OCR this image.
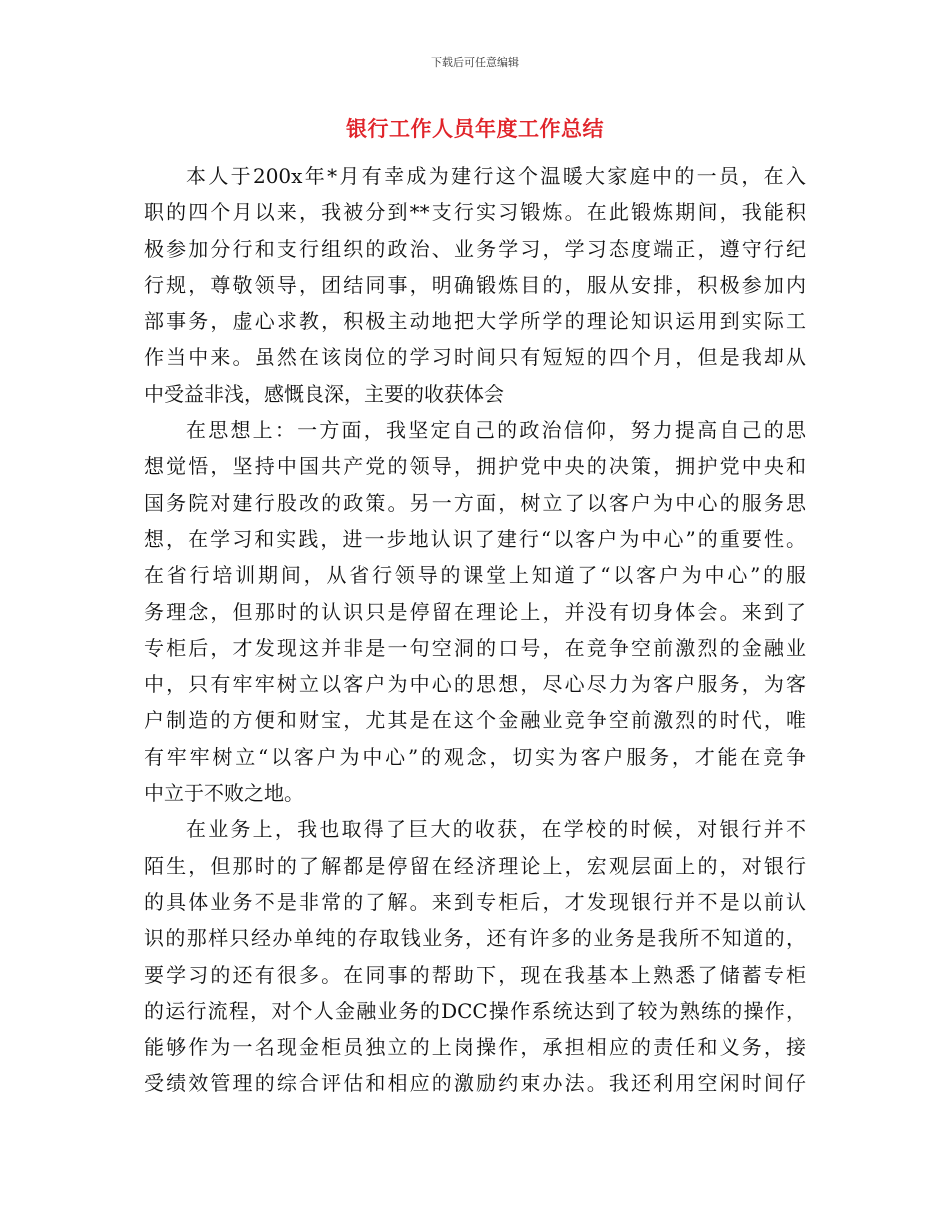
下载后可任意编辑
银行工作人员年度工作总结
本人于200x年*月有幸成为建行这个温暖大家庭中的一员，在入
职的四个月以来，我被分到**支行实习锻炼。在此锻炼期间，我能积
极参加分行和支行组织的政治、业务学习，学习态度端正，遵守行纪
行规，尊敬领导，团结同事，明确锻炼目的，服从安排，积极参加内
部事务，虚心求教，积极主动地把大学所学的理论知识运用到实际工
作当中来。虽然在该岗位的学习时间只有短短的四个月，但是我却从
中受益非浅，感慨良深，主要的收获体会
在思想上：一方面，我坚定自己的政治信仰，努力提高自己的思
想觉悟，坚持中国共产党的领导，拥护党中央的决策，拥护党中央和
国务院对建行股改的政策。另一方面，树立了以客户为中心的服务思
想，在学习和实践，进一步地认识了建行“以客户为中心”的重要性。
在省行培训期间，从省行领导的课堂上知道了“以客户为中心”的服
务理念，但那时的认识只是停留在理论上，并没有切身体会。来到了
专柜后，才发现这并非是一句空洞的口号，在竞争空前激烈的金融业
中，只有牢牢树立以客户为中心的思想，尽心尽力为客户服务，为客
户制造的方便和财宝，尤其是在这个金融业竞争空前激烈的时代，唯
有牢牢树立“以客户为中心”的观念，切实为客户服务，才能在竞争
中立于不败之地。
在业务上，我也取得了巨大的收获，在学校的时候，对银行并不
陌生，但那时的了解都是停留在经济理论上，宏观层面上的，对银行
的具体业务不是非常的了解。来到专柜后，才发现银行并不是以前认
识的那样只经办单纯的存取钱业务，还有许多的业务是我所不知道的，
要学习的还有很多。在同事的帮助下，现在我基本上熟悉了储蓄专柜
的运行流程，对个人金融业务的DCC操作系统达到了较为熟练的操作，
能够作为一名现金柜员独立的上岗操作，承担相应的责任和义务，接
受绩效管理的综合评估和相应的激励约束办法。我还利用空闲时间仔
